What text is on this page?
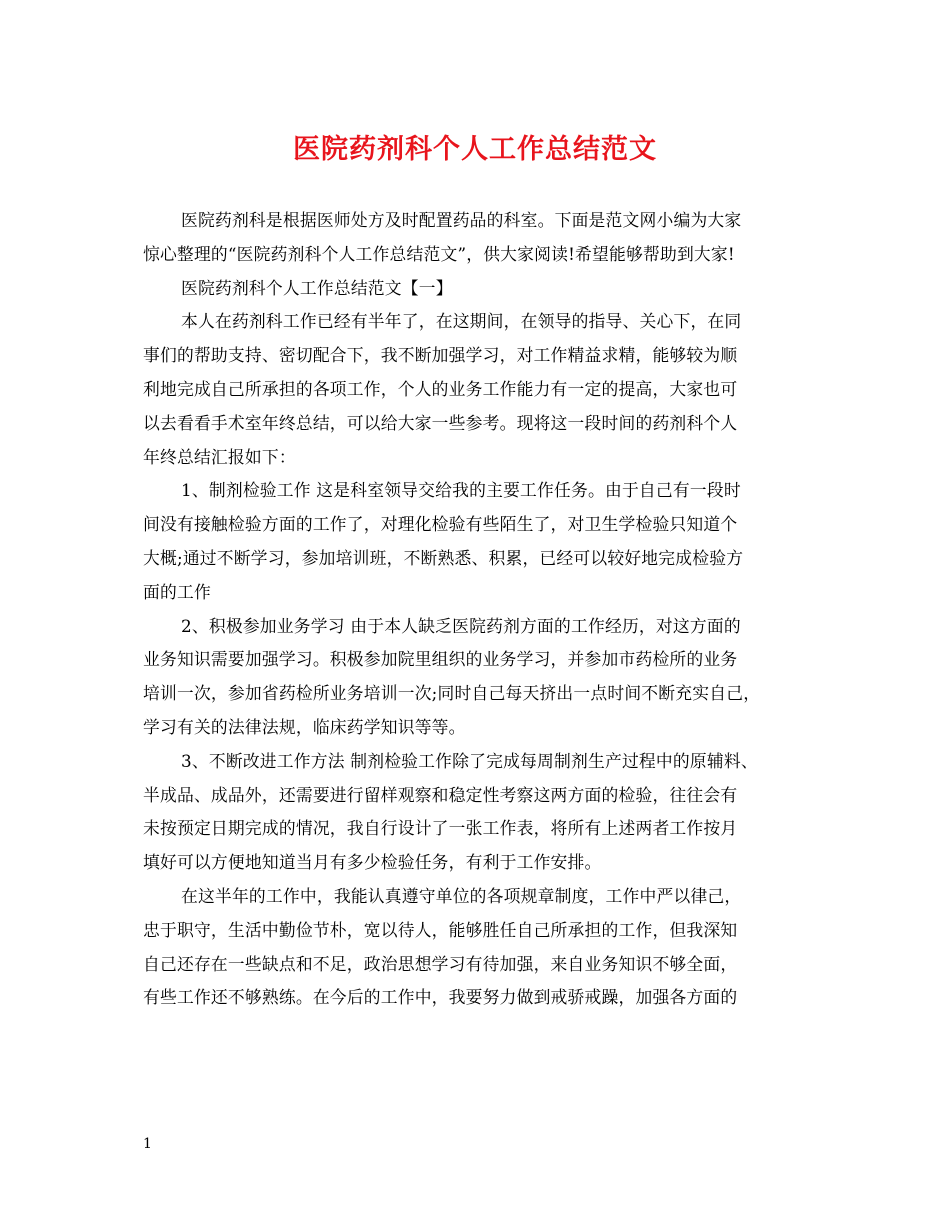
医院药剂科个人工作总结范文
医院药剂科是根据医师处方及时配置药品的科室。下面是范文网小编为大家
惊心整理的“医院药剂科个人工作总结范文”，供大家阅读!希望能够帮助到大家!
医院药剂科个人工作总结范文【一】
本人在药剂科工作已经有半年了，在这期间，在领导的指导、关心下，在同
事们的帮助支持、密切配合下，我不断加强学习，对工作精益求精，能够较为顺
利地完成自己所承担的各项工作，个人的业务工作能力有一定的提高，大家也可
以去看看手术室年终总结，可以给大家一些参考。现将这一段时间的药剂科个人
年终总结汇报如下：
1、制剂检验工作 这是科室领导交给我的主要工作任务。由于自己有一段时
间没有接触检验方面的工作了，对理化检验有些陌生了，对卫生学检验只知道个
大概;通过不断学习，参加培训班，不断熟悉、积累，已经可以较好地完成检验方
面的工作
2、积极参加业务学习 由于本人缺乏医院药剂方面的工作经历，对这方面的
业务知识需要加强学习。积极参加院里组织的业务学习，并参加市药检所的业务
培训一次，参加省药检所业务培训一次;同时自己每天挤出一点时间不断充实自己，
学习有关的法律法规，临床药学知识等等。
3、不断改进工作方法 制剂检验工作除了完成每周制剂生产过程中的原辅料、
半成品、成品外，还需要进行留样观察和稳定性考察这两方面的检验，往往会有
未按预定日期完成的情况，我自行设计了一张工作表，将所有上述两者工作按月
填好可以方便地知道当月有多少检验任务，有利于工作安排。
在这半年的工作中，我能认真遵守单位的各项规章制度，工作中严以律己，
忠于职守，生活中勤俭节朴，宽以待人，能够胜任自己所承担的工作，但我深知
自己还存在一些缺点和不足，政治思想学习有待加强，来自业务知识不够全面，
有些工作还不够熟练。在今后的工作中，我要努力做到戒骄戒躁，加强各方面的
1
